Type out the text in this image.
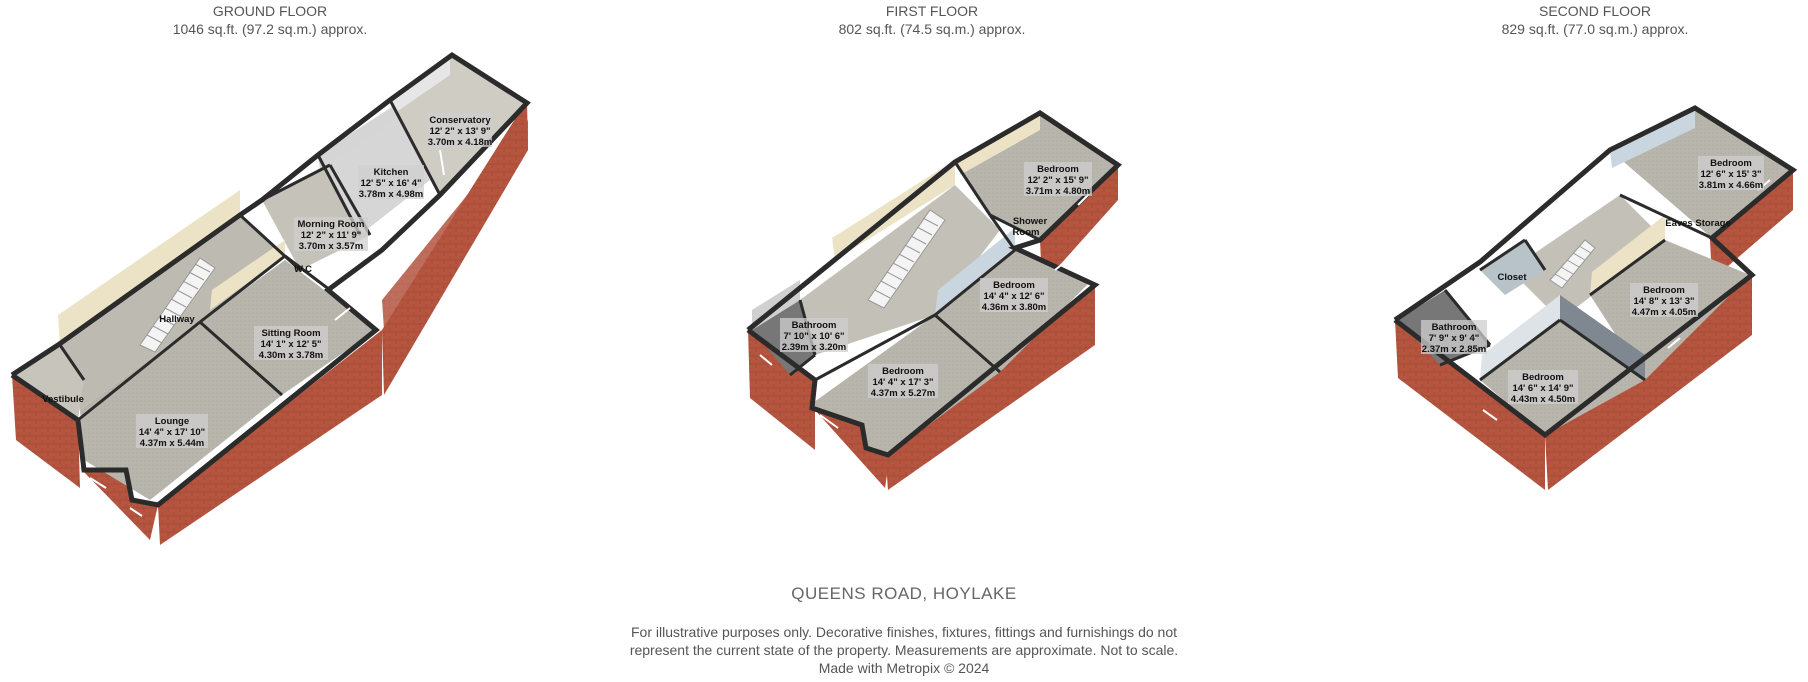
GROUND FLOOR
1046 sq.ft. (97.2 sq.m.) approx.
FIRST FLOOR
802 sq.ft. (74.5 sq.m.) approx.
SECOND FLOOR
829 sq.ft. (77.0 sq.m.) approx.
Conservatory
12' 2" x 13' 9"
3.70m x 4.18m
Kitchen
12' 5" x 16' 4"
3.78m x 4.98m
Morning Room
12' 2" x 11' 9"
3.70m x 3.57m
W.C
Hallway
Sitting Room
14' 1" x 12' 5"
4.30m x 3.78m
Vestibule
Lounge
14' 4" x 17' 10"
4.37m x 5.44m
Bedroom
12' 2" x 15' 9"
3.71m x 4.80m
Shower
Room
Bedroom
14' 4" x 12' 6"
4.36m x 3.80m
Bathroom
7' 10" x 10' 6"
2.39m x 3.20m
Bedroom
14' 4" x 17' 3"
4.37m x 5.27m
Bedroom
12' 6" x 15' 3"
3.81m x 4.66m
Eaves Storage
Closet
Bedroom
14' 8" x 13' 3"
4.47m x 4.05m
Bathroom
7' 9" x 9' 4"
2.37m x 2.85m
Bedroom
14' 6" x 14' 9"
4.43m x 4.50m
QUEENS ROAD, HOYLAKE
For illustrative purposes only. Decorative finishes, fixtures, fittings and furnishings do not
represent the current state of the property. Measurements are approximate. Not to scale.
Made with Metropix © 2024
